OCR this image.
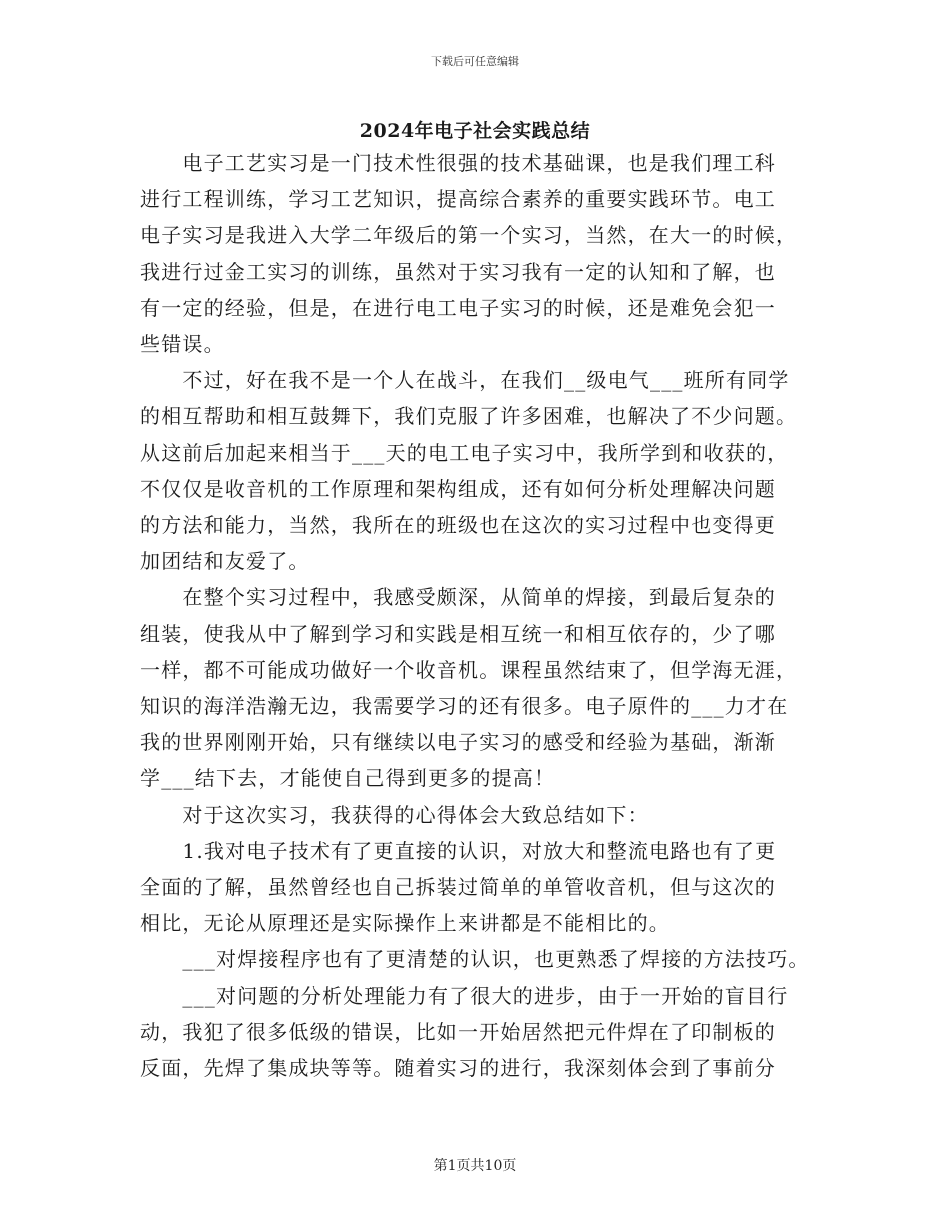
下载后可任意编辑
2024年电子社会实践总结
  电子工艺实习是一门技术性很强的技术基础课，也是我们理工科
进行工程训练，学习工艺知识，提高综合素养的重要实践环节。电工
电子实习是我进入大学二年级后的第一个实习，当然，在大一的时候，
我进行过金工实习的训练，虽然对于实习我有一定的认知和了解，也
有一定的经验，但是，在进行电工电子实习的时候，还是难免会犯一
些错误。
  不过，好在我不是一个人在战斗，在我们__级电气___班所有同学
的相互帮助和相互鼓舞下，我们克服了许多困难，也解决了不少问题。
从这前后加起来相当于___天的电工电子实习中，我所学到和收获的，
不仅仅是收音机的工作原理和架构组成，还有如何分析处理解决问题
的方法和能力，当然，我所在的班级也在这次的实习过程中也变得更
加团结和友爱了。
  在整个实习过程中，我感受颇深，从简单的焊接，到最后复杂的
组装，使我从中了解到学习和实践是相互统一和相互依存的，少了哪
一样，都不可能成功做好一个收音机。课程虽然结束了，但学海无涯，
知识的海洋浩瀚无边，我需要学习的还有很多。电子原件的___力才在
我的世界刚刚开始，只有继续以电子实习的感受和经验为基础，渐渐
学___结下去，才能使自己得到更多的提高！
  对于这次实习，我获得的心得体会大致总结如下：
  1.我对电子技术有了更直接的认识，对放大和整流电路也有了更
全面的了解，虽然曾经也自己拆装过简单的单管收音机，但与这次的
相比，无论从原理还是实际操作上来讲都是不能相比的。
  ___对焊接程序也有了更清楚的认识，也更熟悉了焊接的方法技巧。
  ___对问题的分析处理能力有了很大的进步，由于一开始的盲目行
动，我犯了很多低级的错误，比如一开始居然把元件焊在了印制板的
反面，先焊了集成块等等。随着实习的进行，我深刻体会到了事前分
第1页共10页
